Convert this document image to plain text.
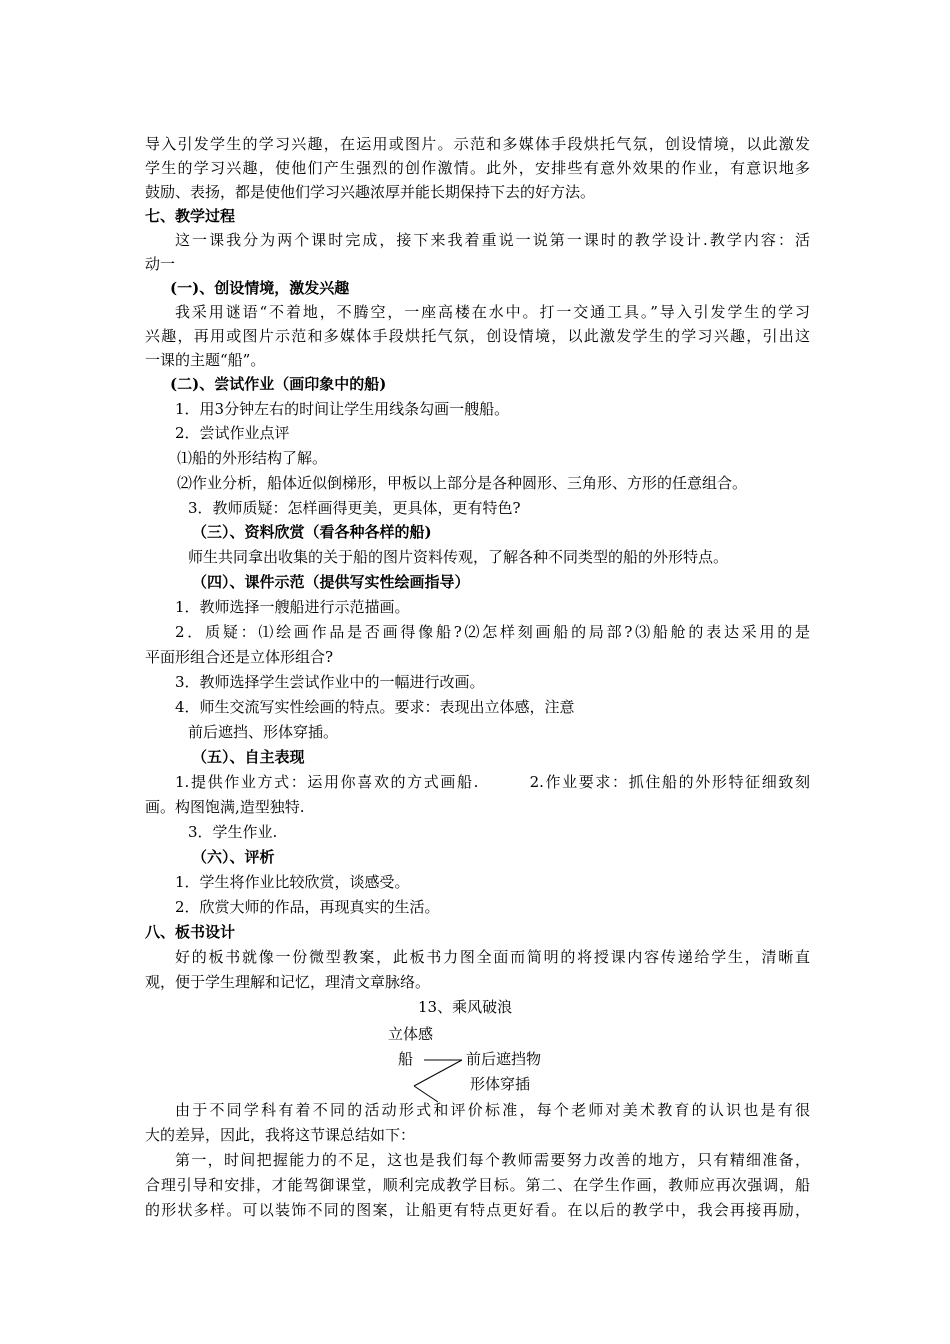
导入引发学生的学习兴趣，在运用或图片。示范和多媒体手段烘托气氛，创设情境，以此激发
学生的学习兴趣，使他们产生强烈的创作激情。此外，安排些有意外效果的作业，有意识地多
鼓励、表扬，都是使他们学习兴趣浓厚并能长期保持下去的好方法。
七、教学过程
这一课我分为两个课时完成，接下来我着重说一说第一课时的教学设计.教学内容：活
动一
(一)、创设情境，激发兴趣
我采用谜语“不着地，不腾空，一座高楼在水中。打一交通工具。”导入引发学生的学习
兴趣，再用或图片示范和多媒体手段烘托气氛，创设情境，以此激发学生的学习兴趣，引出这
一课的主题“船”。
(二)、尝试作业（画印象中的船)
1．用3分钟左右的时间让学生用线条勾画一艘船。
2．尝试作业点评
⑴船的外形结构了解。
⑵作业分析，船体近似倒梯形，甲板以上部分是各种圆形、三角形、方形的任意组合。
3．教师质疑：怎样画得更美，更具体，更有特色?
（三）、资料欣赏（看各种各样的船)
师生共同拿出收集的关于船的图片资料传观，了解各种不同类型的船的外形特点。
（四）、课件示范（提供写实性绘画指导）
1．教师选择一艘船进行示范描画。
2．质疑：⑴绘画作品是否画得像船?⑵怎样刻画船的局部?⑶船舱的表达采用的是
平面形组合还是立体形组合?
3．教师选择学生尝试作业中的一幅进行改画。
4．师生交流写实性绘画的特点。要求：表现出立体感，注意
前后遮挡、形体穿插。
（五）、自主表现
1.提供作业方式：运用你喜欢的方式画船.        2.作业要求：抓住船的外形特征细致刻
画。构图饱满,造型独特.
3．学生作业.
（六）、评析
1．学生将作业比较欣赏，谈感受。
2．欣赏大师的作品，再现真实的生活。
八、板书设计
好的板书就像一份微型教案，此板书力图全面而简明的将授课内容传递给学生，清晰直
观，便于学生理解和记忆，理清文章脉络。
13、乘风破浪
立体感
船	前后遮挡物
形体穿插
由于不同学科有着不同的活动形式和评价标准，每个老师对美术教育的认识也是有很
大的差异，因此，我将这节课总结如下：
第一，时间把握能力的不足，这也是我们每个教师需要努力改善的地方，只有精细准备，
合理引导和安排，才能驾御课堂，顺利完成教学目标。第二、在学生作画，教师应再次强调，船
的形状多样。可以装饰不同的图案，让船更有特点更好看。在以后的教学中，我会再接再励，
